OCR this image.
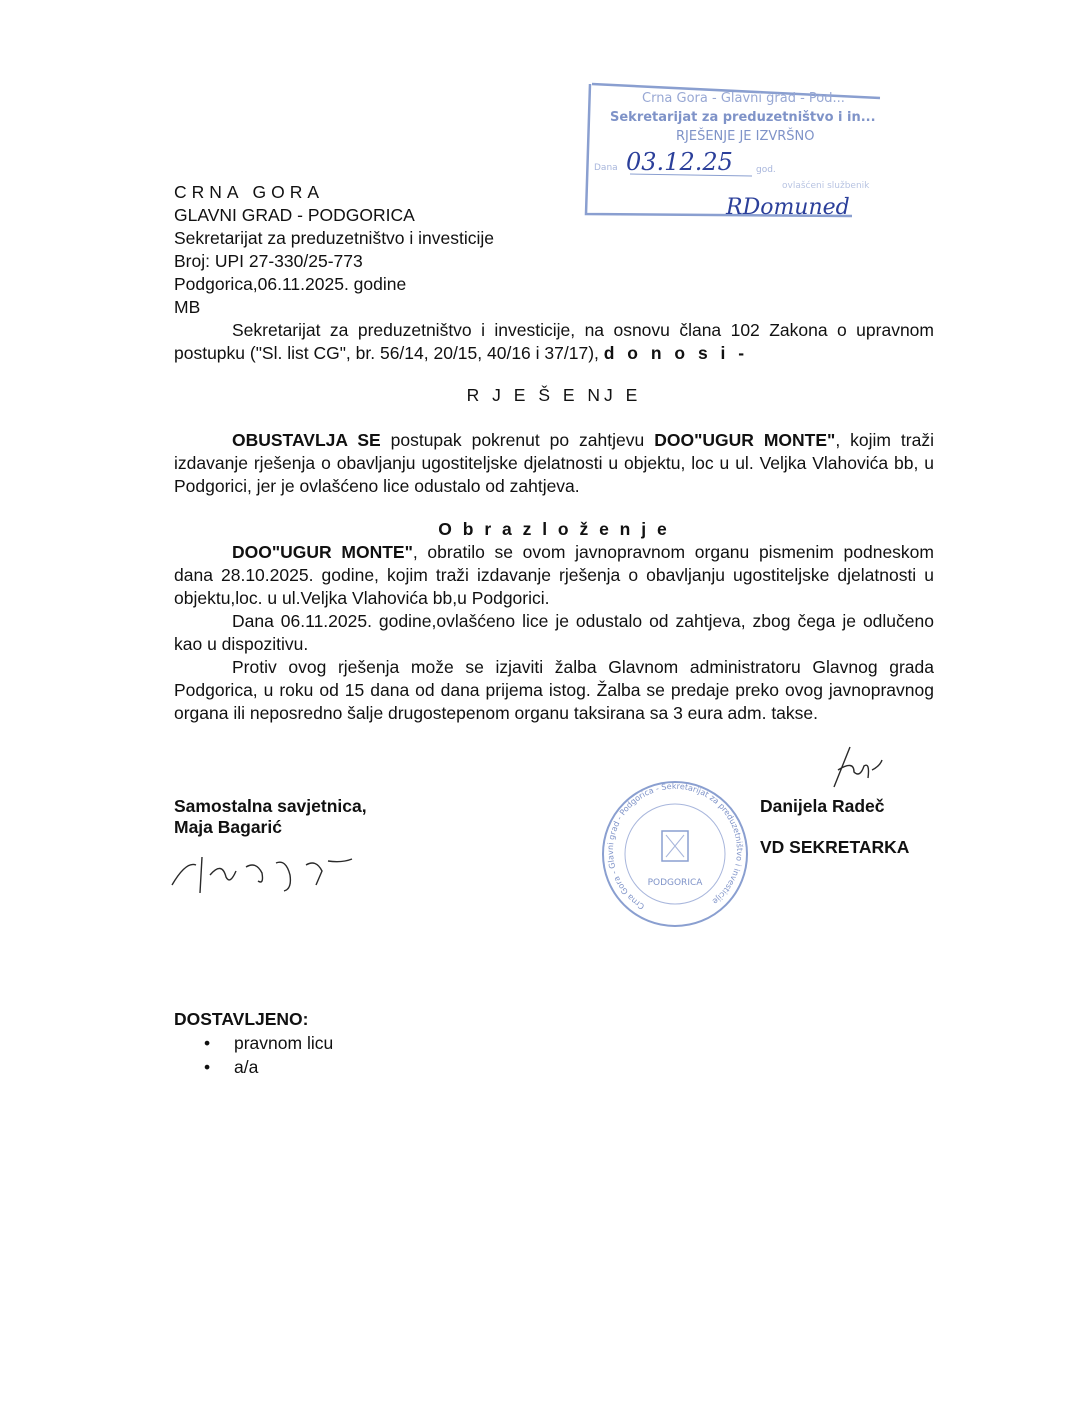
Crna Gora - Glavni grad - Pod...
Sekretarijat za preduzetništvo i in...
RJEŠENJE JE IZVRŠNO
Dana 03.12.25	god.
ovlašćeni službenik
RDomuned
CRNA GORA
GLAVNI GRAD - PODGORICA
Sekretarijat za preduzetništvo i investicije
Broj: UPI 27-330/25-773
Podgorica,06.11.2025. godine
MB

Sekretarijat za preduzetništvo i investicije, na osnovu člana 102 Zakona o upravnom postupku ("Sl. list CG", br. 56/14, 20/15, 40/16 i 37/17), d o n o s i -

R J E Š E NJ E

OBUSTAVLJA SE postupak pokrenut po zahtjevu DOO"UGUR MONTE", kojim traži izdavanje rješenja o obavljanju ugostiteljske djelatnosti u objektu, loc u ul. Veljka Vlahovića bb, u Podgorici, jer je ovlašćeno lice odustalo od zahtjeva.

O b r a z l o ž e n j e

DOO"UGUR MONTE", obratilo se ovom javnopravnom organu pismenim podneskom dana 28.10.2025. godine, kojim traži izdavanje rješenja o obavljanju ugostiteljske djelatnosti u objektu,loc. u ul.Veljka Vlahovića bb,u Podgorici.

Dana 06.11.2025. godine,ovlašćeno lice je odustalo od zahtjeva, zbog čega je odlučeno kao u dispozitivu.

Protiv ovog rješenja može se izjaviti žalba Glavnom administratoru Glavnog grada Podgorica, u roku od 15 dana od dana prijema istog. Žalba se predaje preko ovog javnopravnog organa ili neposredno šalje drugostepenom organu taksirana sa 3 eura adm. takse.

Samostalna savjetnica,
Maja Bagarić
Crna Gora - Glavni grad - Podgorica - Sekretarijat za preduzetništvo i investicije
PODGORICA
Danijela Radeč
VD SEKRETARKA
DOSTAVLJENO:
• pravnom licu
• a/a
